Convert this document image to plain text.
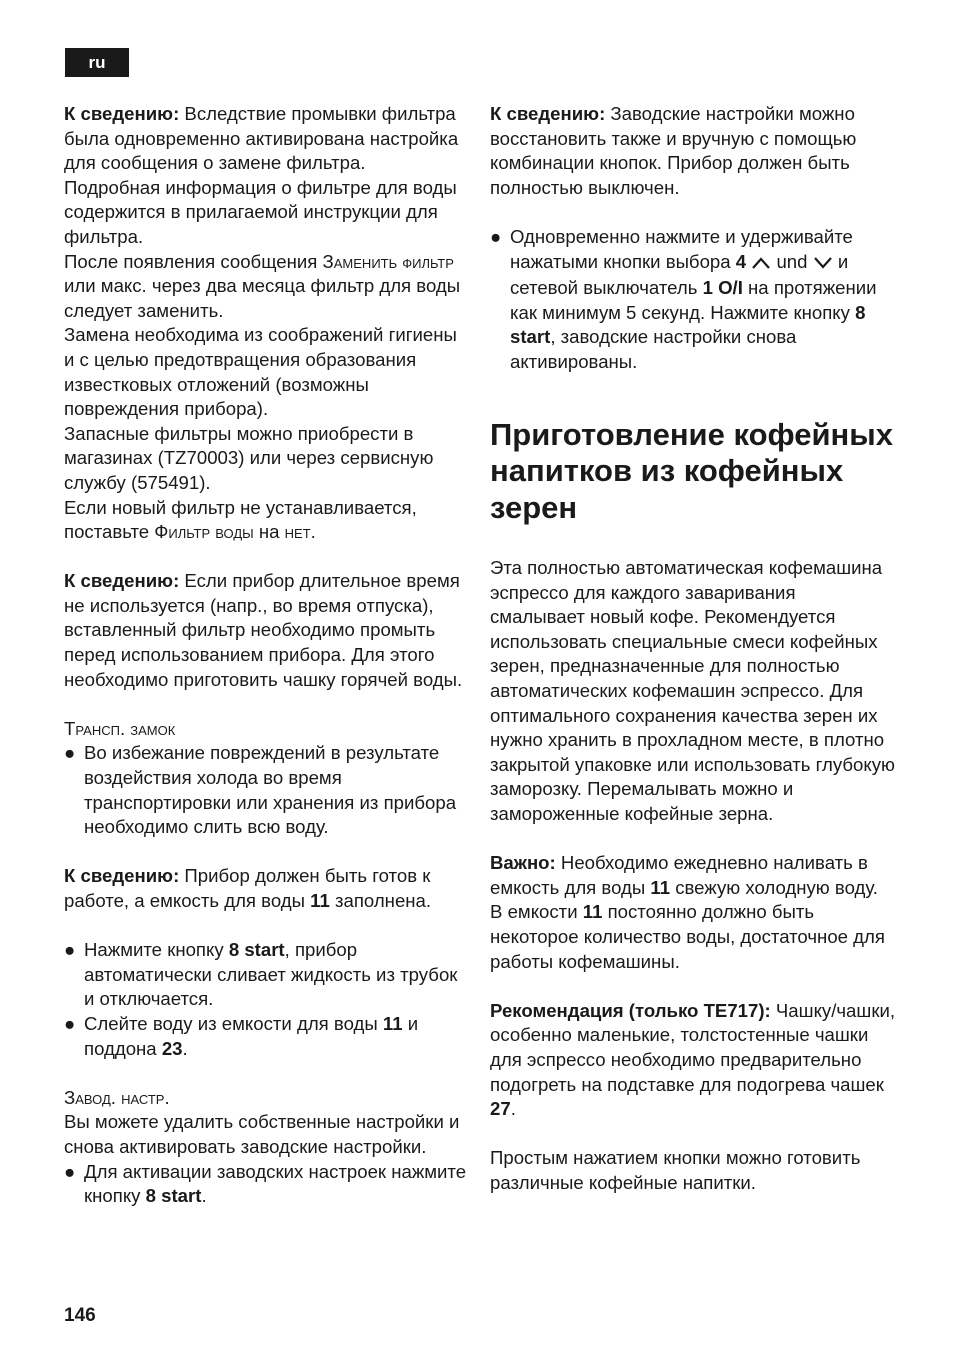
ru

К сведению: Вследствие промывки фильтра была одновременно активирована настройка для сообщения о замене фильтра.

Подробная информация о фильтре для воды содержится в прилагаемой инструкции для фильтра.

После появления сообщения Заменить фильтр или макс. через два месяца фильтр для воды следует заменить.

Замена необходима из соображений гигиены и с целью предотвращения образования известковых отложений (возможны повреждения прибора).

Запасные фильтры можно приобрести в магазинах (TZ70003) или через сервисную службу (575491).

Если новый фильтр не устанавливается, поставьте Фильтр воды на нет.

К сведению: Если прибор длительное время не используется (напр., во время отпуска), вставленный фильтр необходимо промыть перед использованием прибора. Для этого необходимо приготовить чашку горячей воды.

Трансп. замок

● Во избежание повреждений в результате воздействия холода во время транспортировки или хранения из прибора необходимо слить всю воду.

К сведению: Прибор должен быть готов к работе, а емкость для воды 11 заполнена.

● Нажмите кнопку 8 start, прибор автоматически сливает жидкость из трубок и отключается.
● Слейте воду из емкости для воды 11 и поддона 23.

Завод. настр.

Вы можете удалить собственные настройки и снова активировать заводские настройки.

● Для активации заводских настроек нажмите кнопку 8 start.

К сведению: Заводские настройки можно восстановить также и вручную с помощью комбинации кнопок. Прибор должен быть полностью выключен.

● Одновременно нажмите и удерживайте нажатыми кнопки выбора 4  und  и сетевой выключатель 1 O/I на протяжении как минимум 5 секунд. Нажмите кнопку 8 start, заводские настройки снова активированы.
Приготовление кофейных напитков из кофейных зерен

Эта полностью автоматическая кофемашина эспрессо для каждого заваривания смалывает новый кофе. Рекомендуется использовать специальные смеси кофейных зерен, предназначенные для полностью автоматических кофемашин эспрессо. Для оптимального сохранения качества зерен их нужно хранить в прохладном месте, в плотно закрытой упаковке или использовать глубокую заморозку. Перемалывать можно и замороженные кофейные зерна.

Важно: Необходимо ежедневно наливать в емкость для воды 11 свежую холодную воду. В емкости 11 постоянно должно быть некоторое количество воды, достаточное для работы кофемашины.

Рекомендация (только TE717): Чашку/чашки, особенно маленькие, толстостенные чашки для эспрессо необходимо предварительно подогреть на подставке для подогрева чашек 27.

Простым нажатием кнопки можно готовить различные кофейные напитки.

146
